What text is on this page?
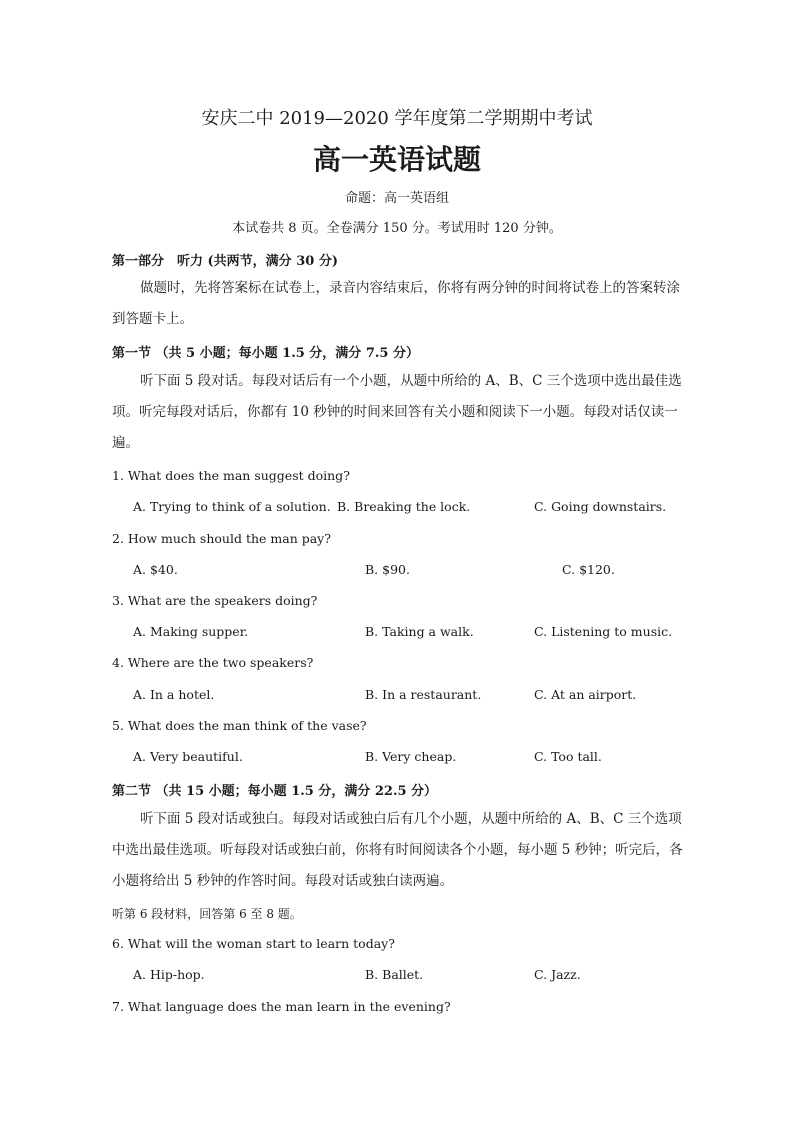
安庆二中 2019—2020 学年度第二学期期中考试
高一英语试题
命题：高一英语组
本试卷共 8 页。全卷满分 150 分。考试用时 120 分钟。
第一部分　听力 (共两节，满分 30 分)
做题时，先将答案标在试卷上，录音内容结束后，你将有两分钟的时间将试卷上的答案转涂到答题卡上。
第一节 （共 5 小题；每小题 1.5 分，满分 7.5 分）
听下面 5 段对话。每段对话后有一个小题，从题中所给的 A、B、C 三个选项中选出最佳选项。听完每段对话后，你都有 10 秒钟的时间来回答有关小题和阅读下一小题。每段对话仅读一遍。
1. What does the man suggest doing?
A. Trying to think of a solution. B. Breaking the lock.	C. Going downstairs.
2. How much should the man pay?
A. $40.	B. $90.	C. $120.
3. What are the speakers doing?
A. Making supper.	B. Taking a walk.	C. Listening to music.
4. Where are the two speakers?
A. In a hotel.	B. In a restaurant.	C. At an airport.
5. What does the man think of the vase?
A. Very beautiful.	B. Very cheap.	C. Too tall.
第二节 （共 15 小题；每小题 1.5 分，满分 22.5 分）
听下面 5 段对话或独白。每段对话或独白后有几个小题，从题中所给的 A、B、C 三个选项中选出最佳选项。听每段对话或独白前，你将有时间阅读各个小题，每小题 5 秒钟；听完后，各小题将给出 5 秒钟的作答时间。每段对话或独白读两遍。
听第 6 段材料，回答第 6 至 8 题。
6. What will the woman start to learn today?
A. Hip-hop.	B. Ballet.	C. Jazz.
7. What language does the man learn in the evening?
